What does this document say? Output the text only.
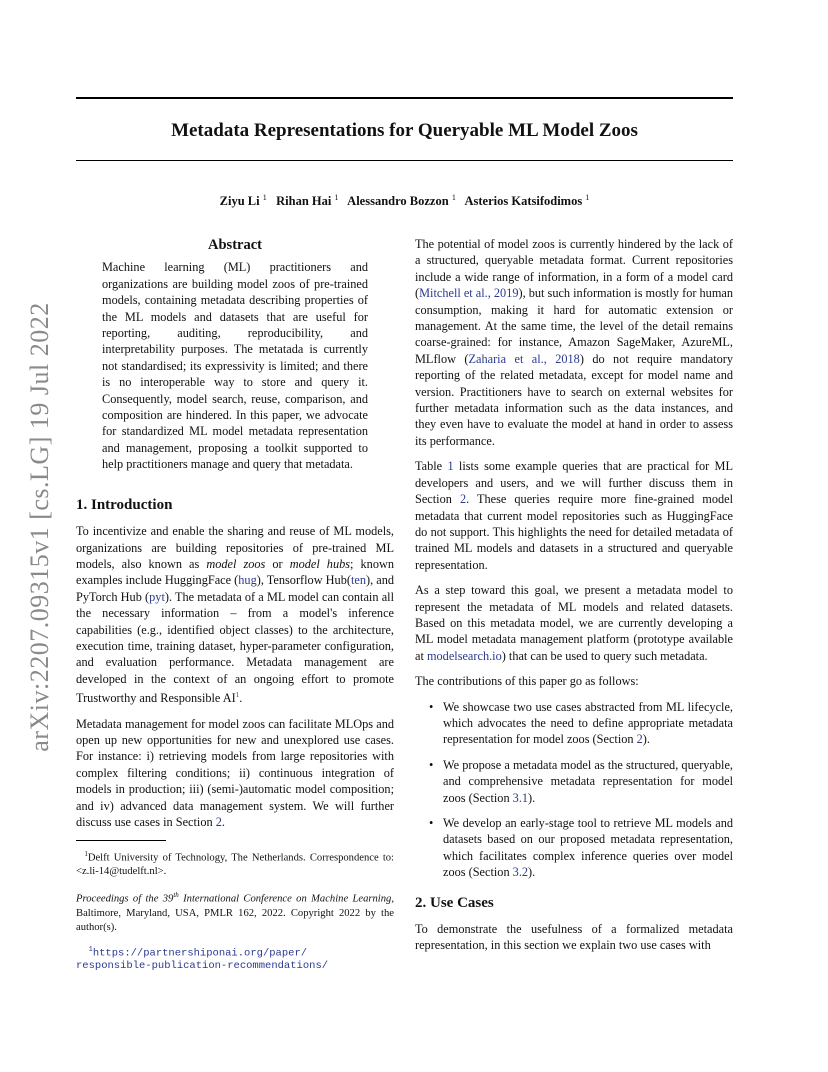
Metadata Representations for Queryable ML Model Zoos

Ziyu Li $^1$ Rihan Hai $^1$ Alessandro Bozzon $^1$ Asterios Katsifodimos $^1$

arXiv:2207.09315v1 [cs.LG] 19 Jul 2022
Abstract

Machine learning (ML) practitioners and organizations are building model zoos of pre-trained models, containing metadata describing properties of the ML models and datasets that are useful for reporting, auditing, reproducibility, and interpretability purposes. The metatada is currently not standardised; its expressivity is limited; and there is no interoperable way to store and query it. Consequently, model search, reuse, comparison, and composition are hindered. In this paper, we advocate for standardized ML model metadata representation and management, proposing a toolkit supported to help practitioners manage and query that metadata.

1. Introduction

To incentivize and enable the sharing and reuse of ML models, organizations are building repositories of pre-trained ML models, also known as model zoos or model hubs; known examples include HuggingFace (hug), Tensorflow Hub(ten), and PyTorch Hub (pyt). The metadata of a ML model can contain all the necessary information – from a model's inference capabilities (e.g., identified object classes) to the architecture, execution time, training dataset, hyper-parameter configuration, and evaluation performance. Metadata management are developed in the context of an ongoing effort to promote Trustworthy and Responsible $AI^1$.

Metadata management for model zoos can facilitate MLOps and open up new opportunities for new and unexplored use cases. For instance: i) retrieving models from large repositories with complex filtering conditions; ii) continuous integration of models in production; iii) (semi-)automatic model composition; and iv) advanced data management system. We will further discuss use cases in Section 2.

$^1$Delft University of Technology, The Netherlands. Correspondence to: <z.li-14@tudelft.nl>.

Proceedings of the 39th International Conference on Machine Learning, Baltimore, Maryland, USA, PMLR 162, 2022. Copyright 2022 by the author(s).

$^1$https://partnershiponai.org/paper/
responsible-publication-recommendations/

The potential of model zoos is currently hindered by the lack of a structured, queryable metadata format. Current repositories include a wide range of information, in a form of a model card (Mitchell et al., 2019), but such information is mostly for human consumption, making it hard for automatic extension or management. At the same time, the level of the detail remains coarse-grained: for instance, Amazon SageMaker, AzureML, MLflow (Zaharia et al., 2018) do not require mandatory reporting of the related metadata, except for model name and version. Practitioners have to search on external websites for further metadata information such as the data instances, and they even have to evaluate the model at hand in order to assess its performance.

Table 1 lists some example queries that are practical for ML developers and users, and we will further discuss them in Section 2. These queries require more fine-grained model metadata that current model repositories such as HuggingFace do not support. This highlights the need for detailed metadata of trained ML models and datasets in a structured and queryable representation.

As a step toward this goal, we present a metadata model to represent the metadata of ML models and related datasets. Based on this metadata model, we are currently developing a ML model metadata management platform (prototype available at modelsearch.io) that can be used to query such metadata.

The contributions of this paper go as follows:

• We showcase two use cases abstracted from ML lifecycle, which advocates the need to define appropriate metadata representation for model zoos (Section 2).
• We propose a metadata model as the structured, queryable, and comprehensive metadata representation for model zoos (Section 3.1).
• We develop an early-stage tool to retrieve ML models and datasets based on our proposed metadata representation, which facilitates complex inference queries over model zoos (Section 3.2).
2. Use Cases

To demonstrate the usefulness of a formalized metadata representation, in this section we explain two use cases with
